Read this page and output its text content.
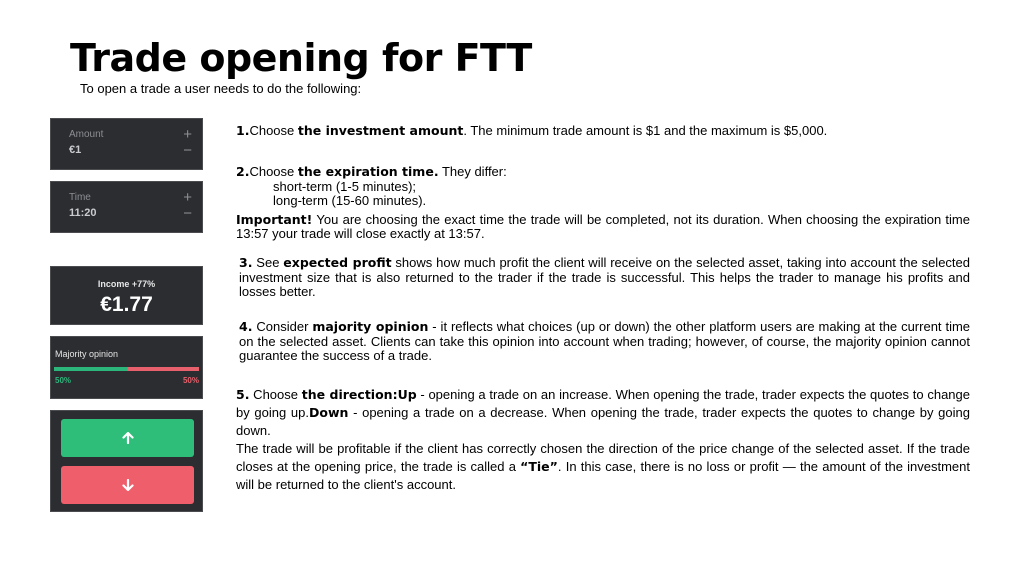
Trade opening for FTT
To open a trade a user needs to do the following:
Amount
€1
+
−
Time
11:20
+
−
Income +77%
€1.77
Majority opinion
50%	50%
1.Choose the investment amount. The minimum trade amount is $1 and the maximum is $5,000.
2.Choose the expiration time. They differ:
short-term (1-5 minutes);
long-term (15-60 minutes).
Important! You are choosing the exact time the trade will be completed, not its duration. When choosing the expiration time 13:57 your trade will close exactly at 13:57.
3. See expected profit shows how much profit the client will receive on the selected asset, taking into account the selected investment size that is also returned to the trader if the trade is successful. This helps the trader to manage his profits and losses better.
4. Consider majority opinion - it reflects what choices (up or down) the other platform users are making at the current time on the selected asset. Clients can take this opinion into account when trading; however, of course, the majority opinion cannot guarantee the success of a trade.
5. Choose the direction:Up - opening a trade on an increase. When opening the trade, trader expects the quotes to change by going up.Down - opening a trade on a decrease. When opening the trade, trader expects the quotes to change by going down.
The trade will be profitable if the client has correctly chosen the direction of the price change of the selected asset. If the trade closes at the opening price, the trade is called a “Tie”. In this case, there is no loss or profit — the amount of the investment will be returned to the client's account.
